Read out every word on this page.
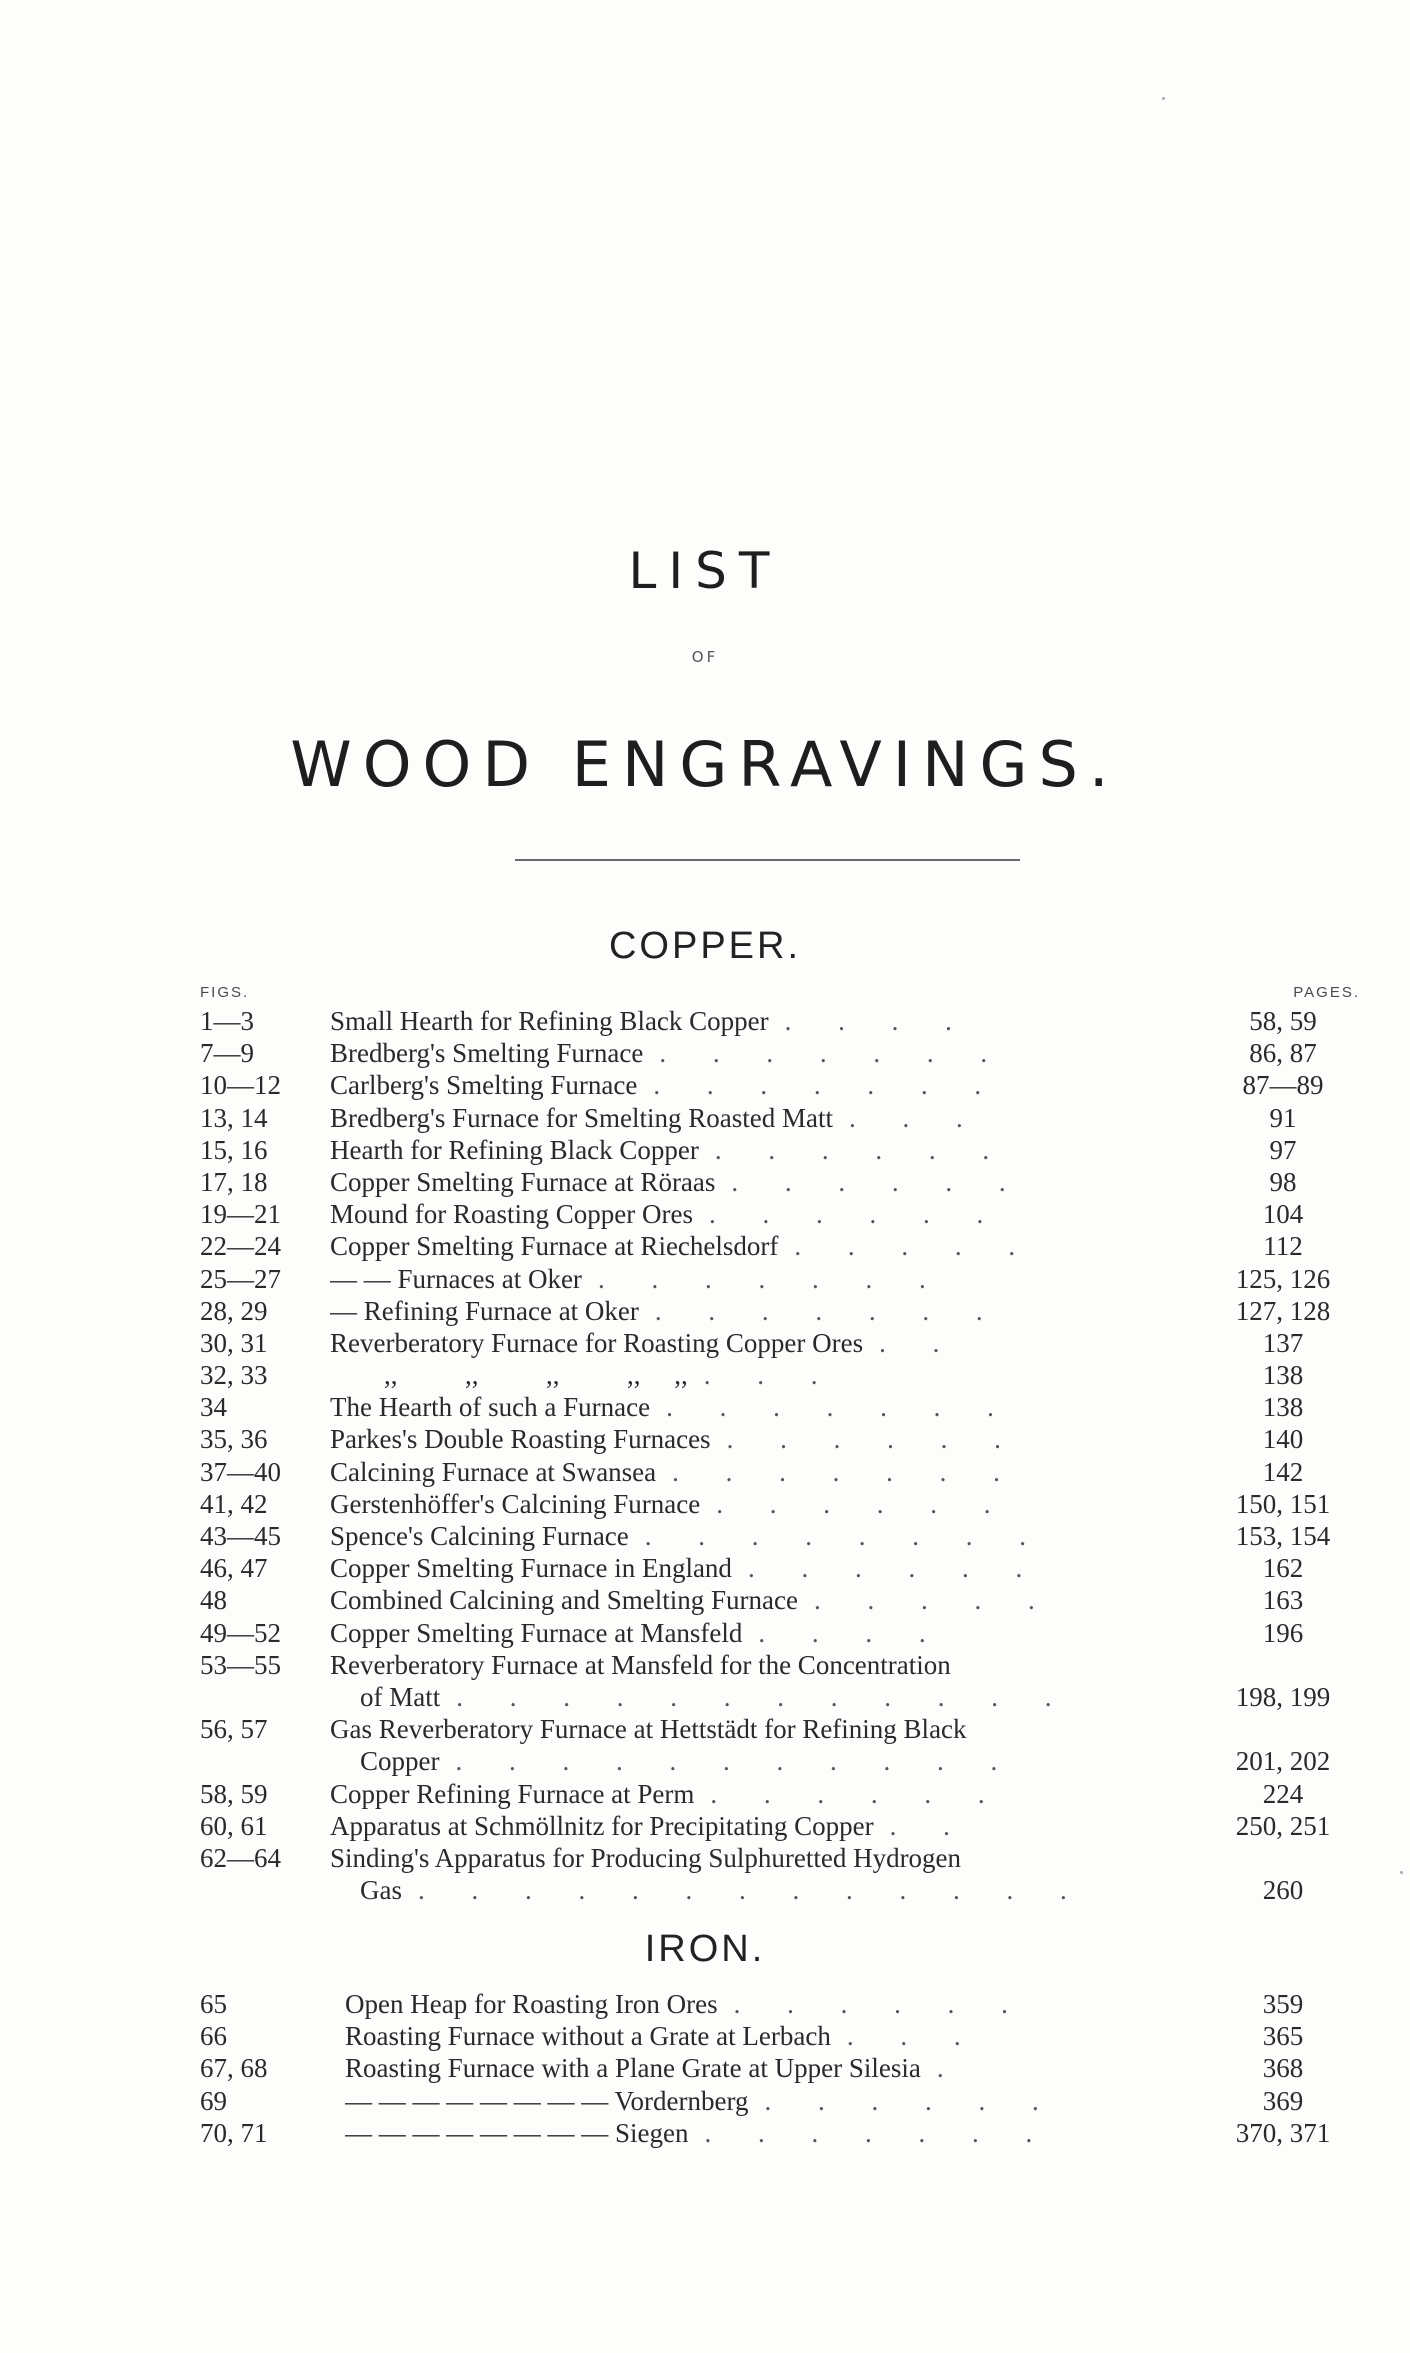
LIST
OF
WOOD ENGRAVINGS.
COPPER.
FIGS.	PAGES.
1—3	Small Hearth for Refining Black Copper . . . .	58, 59
7—9	Bredberg's Smelting Furnace . . . . . . .	86, 87
10—12 Carlberg's Smelting Furnace . . . . . . .	87—89
13, 14 Bredberg's Furnace for Smelting Roasted Matt . . .	91
15, 16 Hearth for Refining Black Copper . . . . . .	97
17, 18 Copper Smelting Furnace at Röraas . . . . . .	98
19—21 Mound for Roasting Copper Ores . . . . . .	104
22—24 Copper Smelting Furnace at Riechelsdorf . . . . .	112
25—27 — — Furnaces at Oker . . . . . . .	125, 126
28, 29 — Refining Furnace at Oker . . . . . . .	127, 128
30, 31 Reverberatory Furnace for Roasting Copper Ores . .	137
32, 33 ,,          ,,          ,,          ,,     ,, . . .	138
34	The Hearth of such a Furnace . . . . . . .	138
35, 36 Parkes's Double Roasting Furnaces . . . . . .	140
37—40 Calcining Furnace at Swansea . . . . . . .	142
41, 42 Gerstenhöffer's Calcining Furnace . . . . . .	150, 151
43—45 Spence's Calcining Furnace . . . . . . . .	153, 154
46, 47 Copper Smelting Furnace in England . . . . . .	162
48	Combined Calcining and Smelting Furnace . . . . .	163
49—52 Copper Smelting Furnace at Mansfeld . . . .	196
53—55 Reverberatory Furnace at Mansfeld for the Concentration
of Matt . . . . . . . . . . . .	198, 199
56, 57 Gas Reverberatory Furnace at Hettstädt for Refining Black
Copper . . . . . . . . . . .	201, 202
58, 59 Copper Refining Furnace at Perm . . . . . .	224
60, 61 Apparatus at Schmöllnitz for Precipitating Copper . .	250, 251
62—64 Sinding's Apparatus for Producing Sulphuretted Hydrogen
Gas . . . . . . . . . . . . .	260
IRON.
65	Open Heap for Roasting Iron Ores . . . . . .	359
66	Roasting Furnace without a Grate at Lerbach . . .	365
67, 68	Roasting Furnace with a Plane Grate at Upper Silesia .	368
69	— — — — — — — — Vordernberg . . . . . .	369
70, 71	— — — — — — — — Siegen . . . . . . .	370, 371
